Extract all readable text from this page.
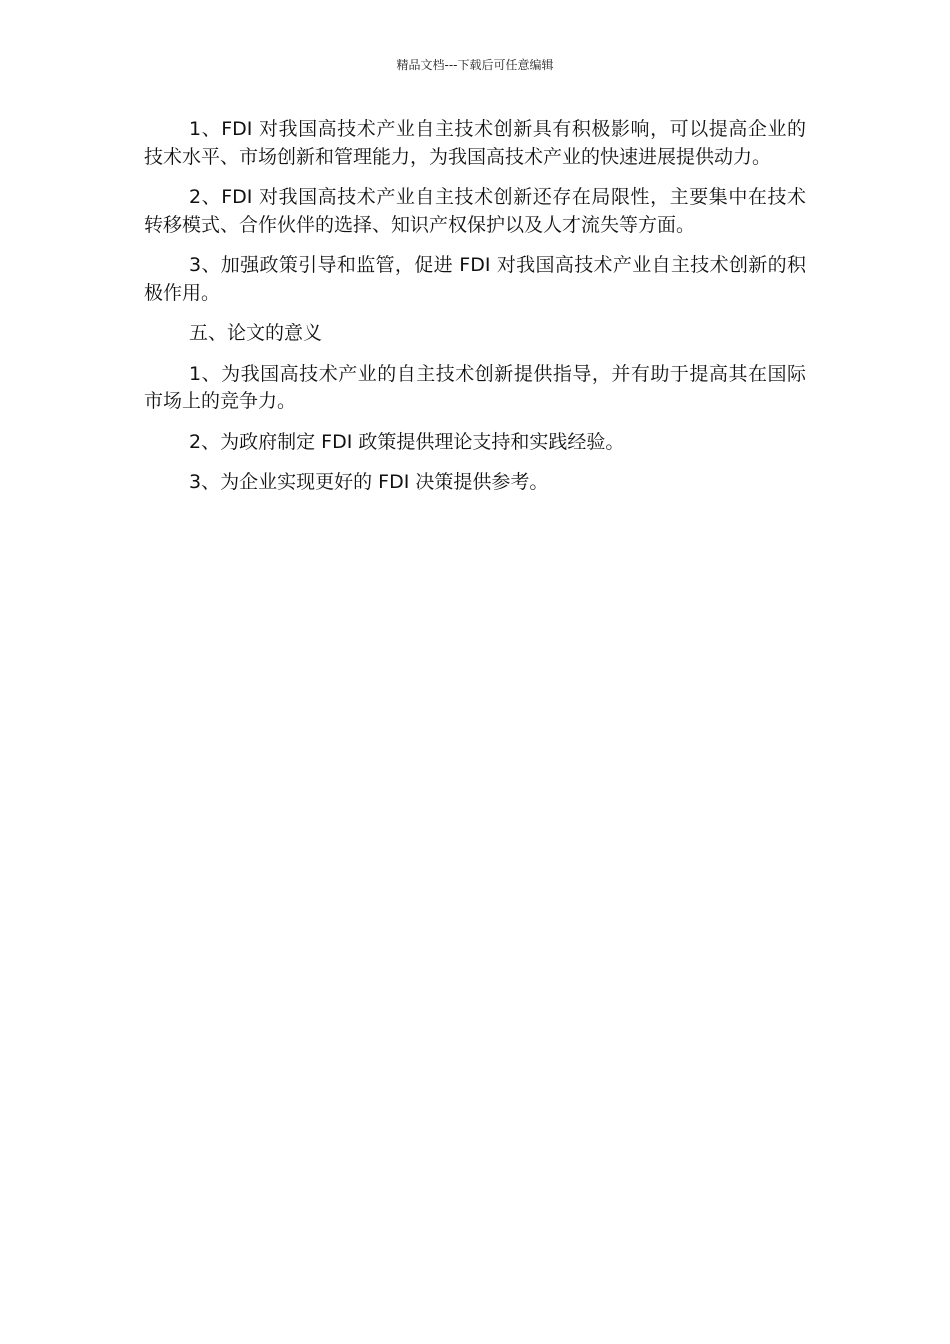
精品文档---下载后可任意编辑

1、FDI 对我国高技术产业自主技术创新具有积极影响，可以提高企业的技术水平、市场创新和管理能力，为我国高技术产业的快速进展提供动力。

2、FDI 对我国高技术产业自主技术创新还存在局限性，主要集中在技术转移模式、合作伙伴的选择、知识产权保护以及人才流失等方面。

3、加强政策引导和监管，促进 FDI 对我国高技术产业自主技术创新的积极作用。

五、论文的意义

1、为我国高技术产业的自主技术创新提供指导，并有助于提高其在国际市场上的竞争力。

2、为政府制定 FDI 政策提供理论支持和实践经验。

3、为企业实现更好的 FDI 决策提供参考。
